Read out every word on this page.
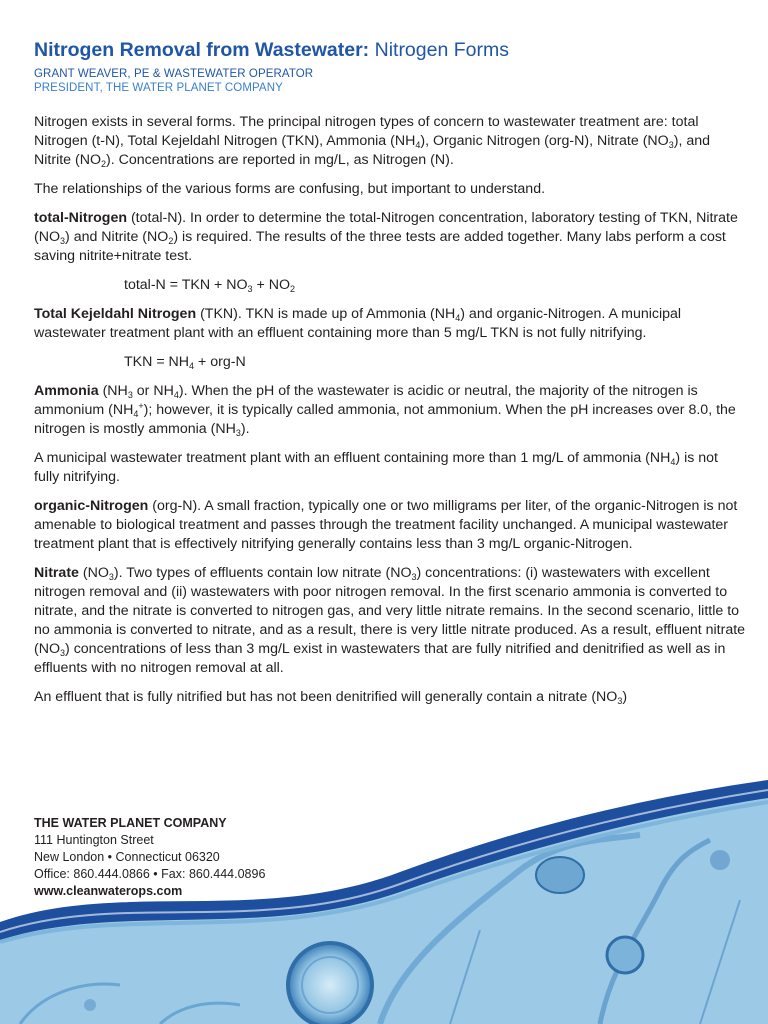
Nitrogen Removal from Wastewater: Nitrogen Forms
GRANT WEAVER, PE & WASTEWATER OPERATOR
PRESIDENT, THE WATER PLANET COMPANY

Nitrogen exists in several forms. The principal nitrogen types of concern to wastewater treatment are: total Nitrogen (t-N), Total Kejeldahl Nitrogen (TKN), Ammonia $(NH_4)$, Organic Nitrogen (org-N), Nitrate $(NO_3)$, and Nitrite $(NO_2)$. Concentrations are reported in mg/L, as Nitrogen (N).

The relationships of the various forms are confusing, but important to understand.

total-Nitrogen (total-N). In order to determine the total-Nitrogen concentration, laboratory testing of TKN, Nitrate $(NO_3)$ and Nitrite $(NO_2)$ is required. The results of the three tests are added together. Many labs perform a cost saving nitrite+nitrate test.

total-N = TKN + $NO_3 + NO_2$

Total Kejeldahl Nitrogen (TKN). TKN is made up of Ammonia $(NH_4)$ and organic-Nitrogen. A municipal wastewater treatment plant with an effluent containing more than 5 mg/L TKN is not fully nitrifying.

TKN = $NH_4 + org-N$

Ammonia ($NH_3$ or $NH_4$). When the pH of the wastewater is acidic or neutral, the majority of the nitrogen is ammonium $(NH_4^+)$; however, it is typically called ammonia, not ammonium. When the pH increases over 8.0, the nitrogen is mostly ammonia $(NH_3)$.

A municipal wastewater treatment plant with an effluent containing more than 1 mg/L of ammonia $(NH_4)$ is not fully nitrifying.

organic-Nitrogen (org-N). A small fraction, typically one or two milligrams per liter, of the organic-Nitrogen is not amenable to biological treatment and passes through the treatment facility unchanged. A municipal wastewater treatment plant that is effectively nitrifying generally contains less than 3 mg/L organic-Nitrogen.

Nitrate $(NO_3)$. Two types of effluents contain low nitrate $(NO_3)$ concentrations: (i) wastewaters with excellent nitrogen removal and (ii) wastewaters with poor nitrogen removal. In the first scenario ammonia is converted to nitrate, and the nitrate is converted to nitrogen gas, and very little nitrate remains. In the second scenario, little to no ammonia is converted to nitrate, and as a result, there is very little nitrate produced. As a result, effluent nitrate $(NO_3)$ concentrations of less than 3 mg/L exist in wastewaters that are fully nitrified and denitrified as well as in effluents with no nitrogen removal at all.

An effluent that is fully nitrified but has not been denitrified will generally contain a nitrate $(NO_3)$

THE WATER PLANET COMPANY
111 Huntington Street
New London • Connecticut 06320
Office: 860.444.0866 • Fax: 860.444.0896
www.cleanwaterops.com
